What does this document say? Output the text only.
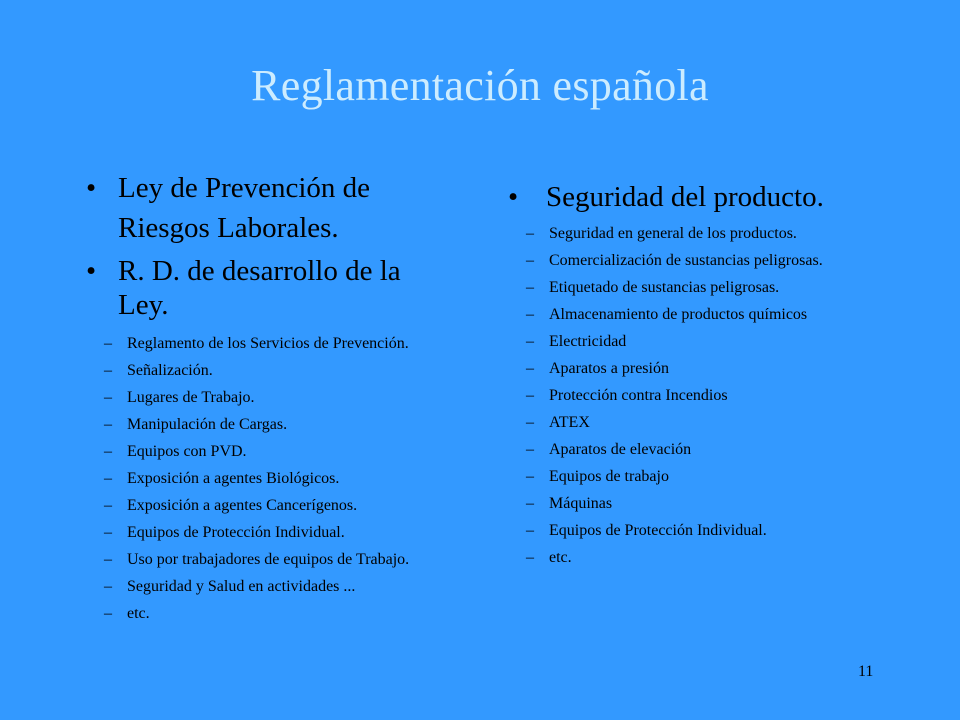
Reglamentación española
• Ley de Prevención de Riesgos Laborales.
• R. D. de desarrollo de la Ley.
– Reglamento de los Servicios de Prevención.
– Señalización.
– Lugares de Trabajo.
– Manipulación de Cargas.
– Equipos con PVD.
– Exposición a agentes Biológicos.
– Exposición a agentes Cancerígenos.
– Equipos de Protección Individual.
– Uso por trabajadores de equipos de Trabajo.
– Seguridad y Salud en actividades ...
– etc.
• Seguridad del producto.
– Seguridad en general de los productos.
– Comercialización de sustancias peligrosas.
– Etiquetado de sustancias peligrosas.
– Almacenamiento de productos químicos
– Electricidad
– Aparatos a presión
– Protección contra Incendios
– ATEX
– Aparatos de elevación
– Equipos de trabajo
– Máquinas
– Equipos de Protección Individual.
– etc.
11
